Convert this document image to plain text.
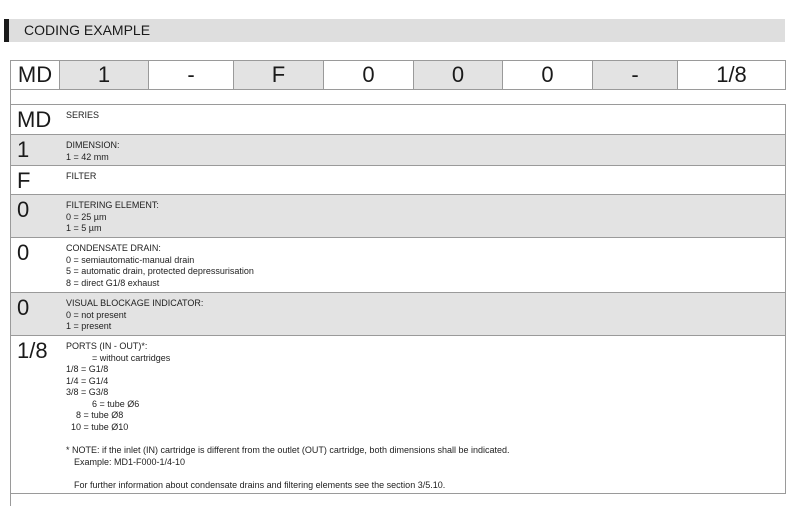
CODING EXAMPLE
MD	1	-	F	0	0	0	-	1/8
MD SERIES
1	DIMENSION:
1 = 42 mm
F	FILTER
0	FILTERING ELEMENT:
0 = 25 µm
1 = 5 µm
0	CONDENSATE DRAIN:
0 = semiautomatic-manual drain
5 = automatic drain, protected depressurisation
8 = direct G1/8 exhaust
0	VISUAL BLOCKAGE INDICATOR:
0 = not present
1 = present
1/8 PORTS (IN - OUT)*:
= without cartridges
1/8 = G1/8
1/4 = G1/4
3/8 = G3/8
6 = tube Ø6
8 = tube Ø8
10 = tube Ø10
* NOTE: if the inlet (IN) cartridge is different from the outlet (OUT) cartridge, both dimensions shall be indicated.
Example: MD1-F000-1/4-10
For further information about condensate drains and filtering elements see the section 3/5.10.
